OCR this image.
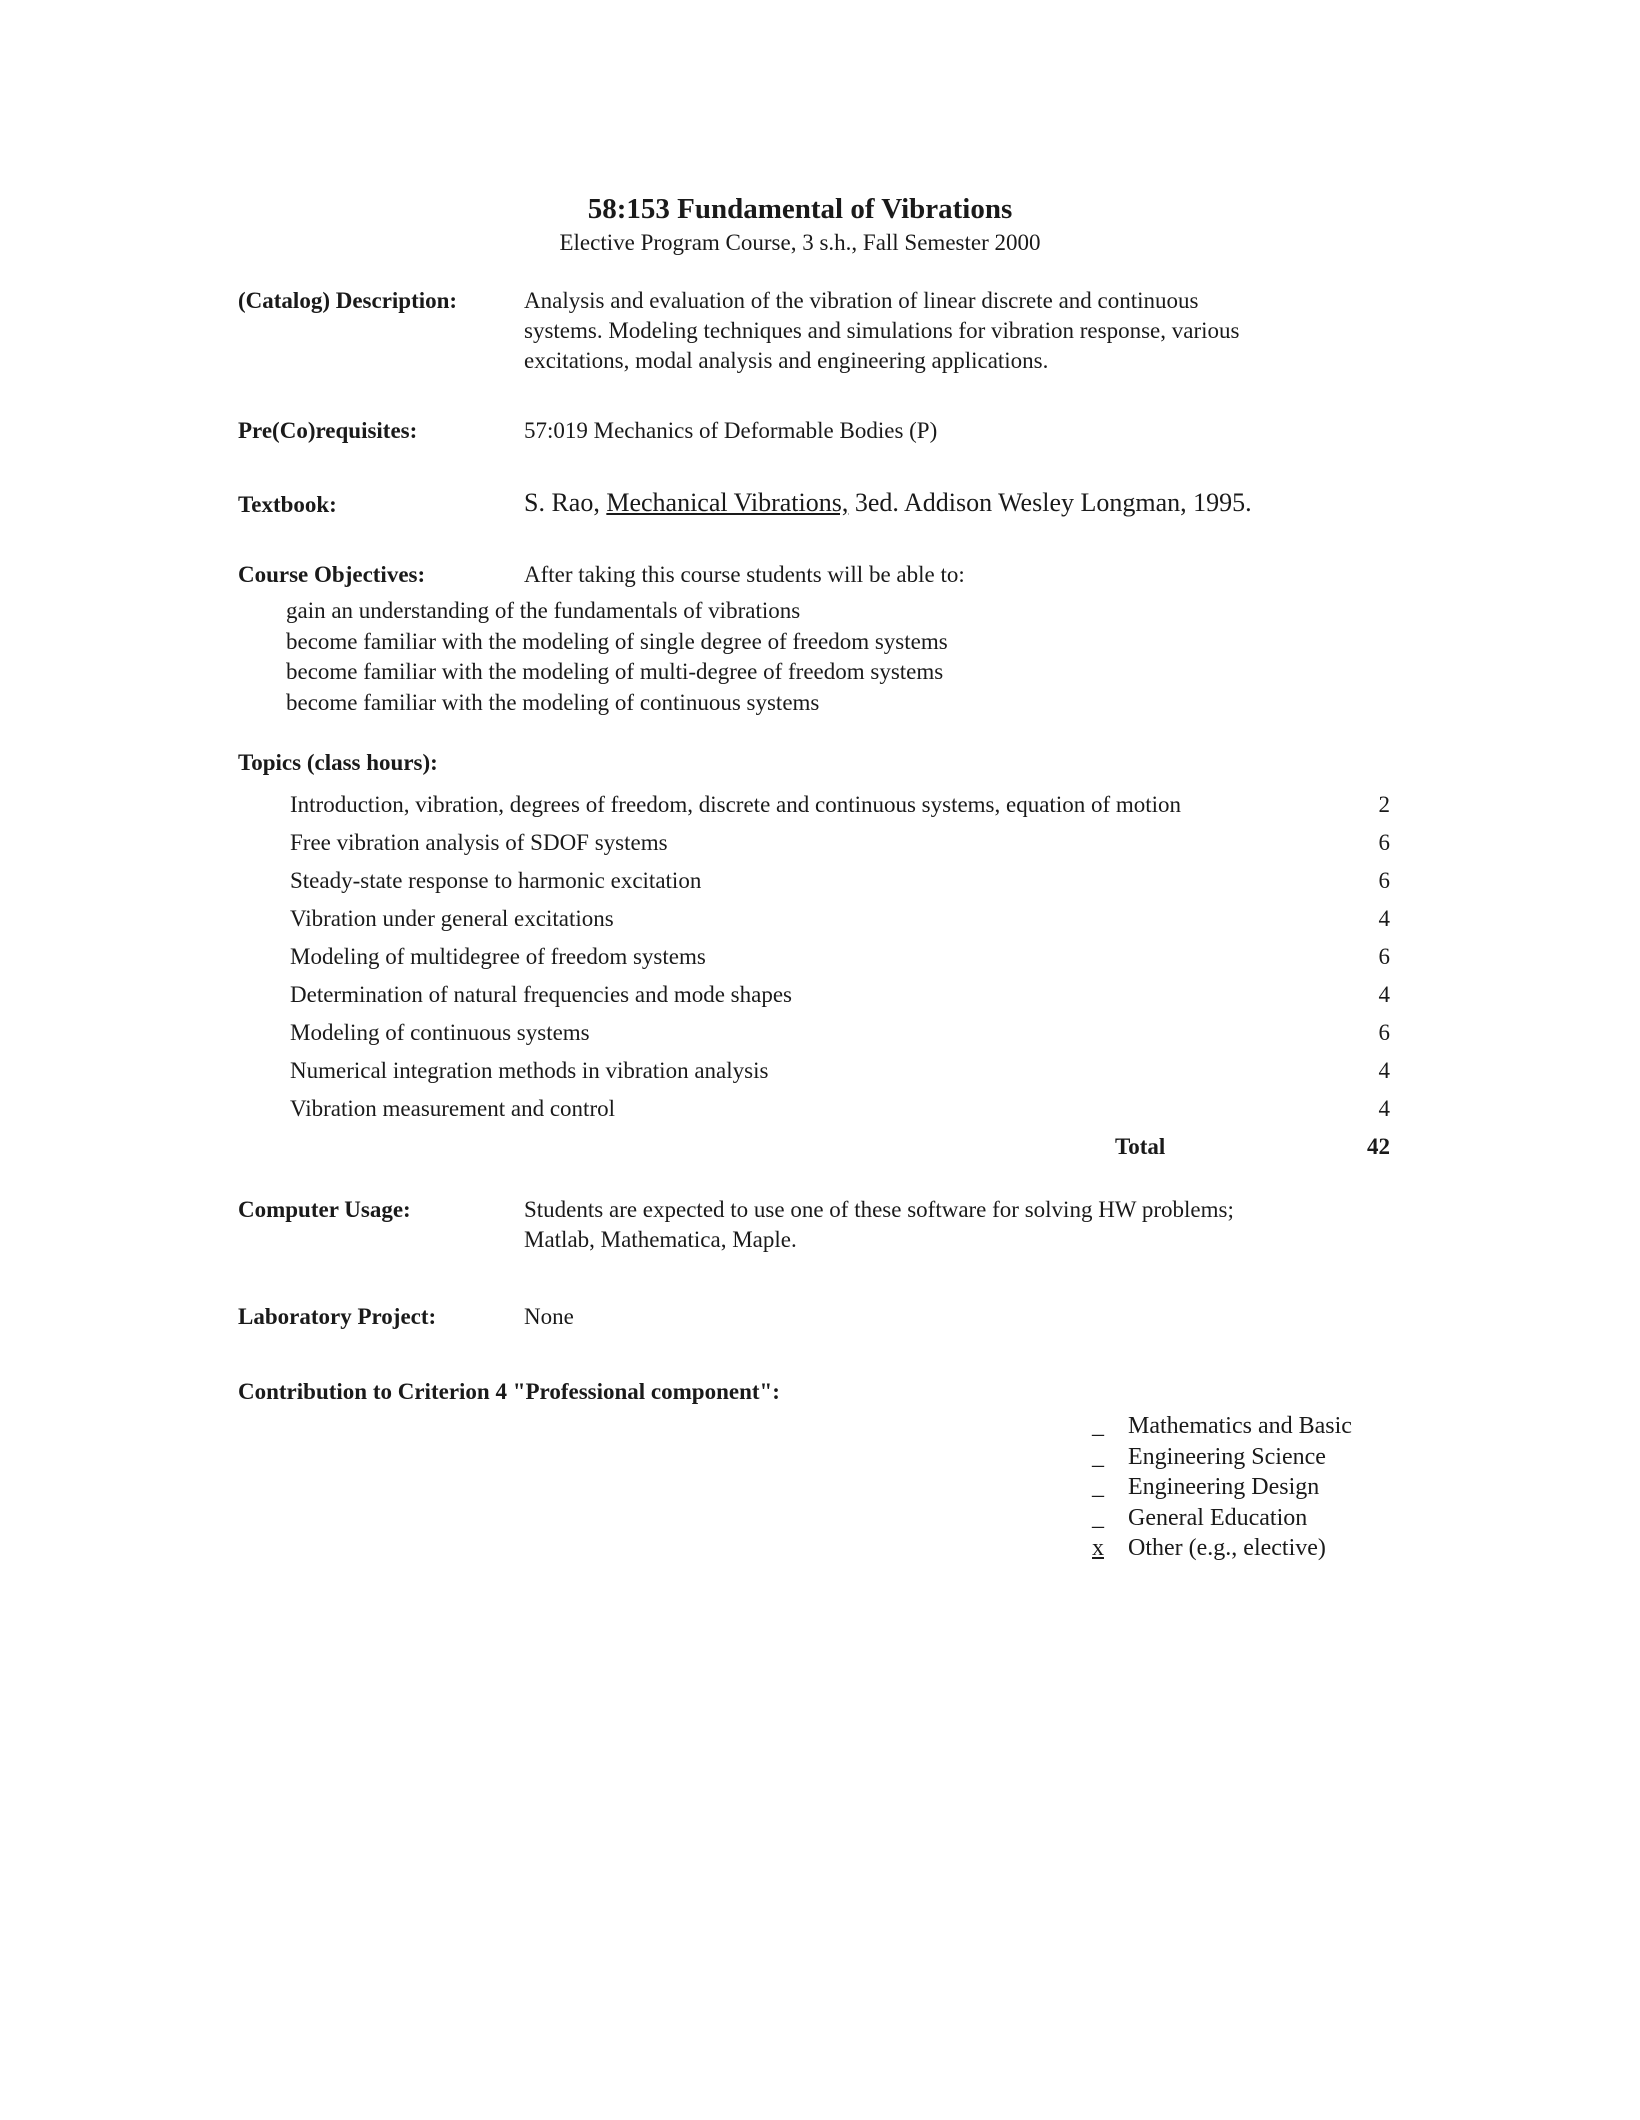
58:153 Fundamental of Vibrations
Elective Program Course, 3 s.h., Fall Semester 2000
(Catalog) Description:	Analysis and evaluation of the vibration of linear discrete and continuous
systems. Modeling techniques and simulations for vibration response, various
excitations, modal analysis and engineering applications.
Pre(Co)requisites:	57:019 Mechanics of Deformable Bodies (P)
Textbook:	S. Rao, Mechanical Vibrations, 3ed. Addison Wesley Longman, 1995.
Course Objectives:	After taking this course students will be able to:
gain an understanding of the fundamentals of vibrations
become familiar with the modeling of single degree of freedom systems
become familiar with the modeling of multi-degree of freedom systems
become familiar with the modeling of continuous systems
Topics (class hours):
Introduction, vibration, degrees of freedom, discrete and continuous systems, equation of motion	2
Free vibration analysis of SDOF systems	6
Steady-state response to harmonic excitation	6
Vibration under general excitations	4
Modeling of multidegree of freedom systems	6
Determination of natural frequencies and mode shapes	4
Modeling of continuous systems	6
Numerical integration methods in vibration analysis	4
Vibration measurement and control	4
Total	42
Computer Usage:	Students are expected to use one of these software for solving HW problems;
Matlab, Mathematica, Maple.
Laboratory Project:	None
Contribution to Criterion 4 "Professional component":
_ Mathematics and Basic
_ Engineering Science
_ Engineering Design
_ General Education
x Other (e.g., elective)
